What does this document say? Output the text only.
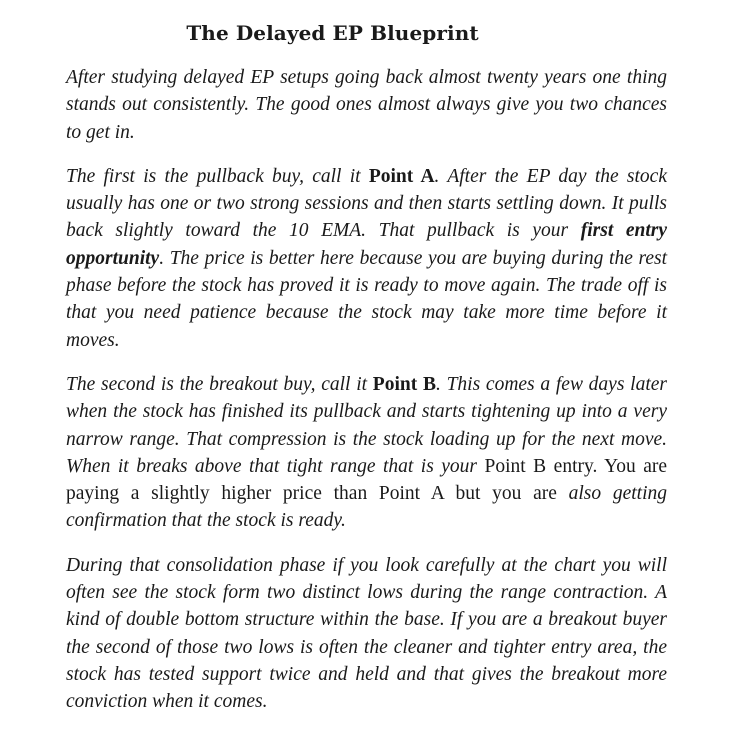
The Delayed EP Blueprint

After studying delayed EP setups going back almost twenty years one thing stands out consistently. The good ones almost always give you two chances to get in.

The first is the pullback buy, call it Point A. After the EP day the stock usually has one or two strong sessions and then starts settling down. It pulls back slightly toward the 10 EMA. That pullback is your first entry opportunity. The price is better here because you are buying during the rest phase before the stock has proved it is ready to move again. The trade off is that you need patience because the stock may take more time before it moves.

The second is the breakout buy, call it Point B. This comes a few days later when the stock has finished its pullback and starts tightening up into a very narrow range. That compression is the stock loading up for the next move. When it breaks above that tight range that is your Point B entry. You are paying a slightly higher price than Point A but you are also getting confirmation that the stock is ready.

During that consolidation phase if you look carefully at the chart you will often see the stock form two distinct lows during the range contraction. A kind of double bottom structure within the base. If you are a breakout buyer the second of those two lows is often the cleaner and tighter entry area, the stock has tested support twice and held and that gives the breakout more conviction when it comes.
